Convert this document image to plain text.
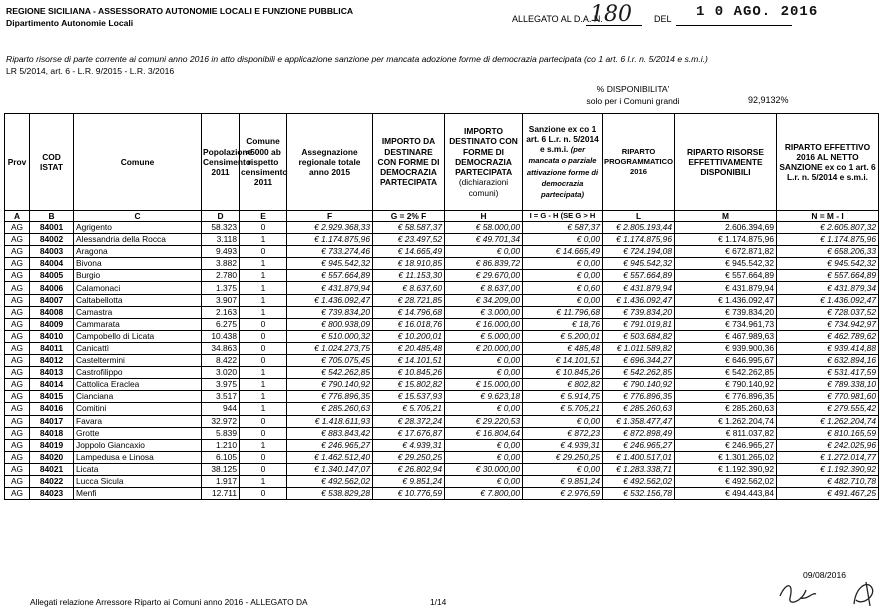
REGIONE SICILIANA - ASSESSORATO AUTONOMIE LOCALI E FUNZIONE PUBBLICA
Dipartimento Autonomie Locali	ALLEGATO AL D.A. N.
180 DEL 1 0 AGO. 2016
Riparto risorse di parte corrente ai comuni anno 2016 in atto disponibili e applicazione sanzione per mancata adozione forme di democrazia partecipata (co 1 art. 6 l.r. n. 5/2014 e s.m.i.)
LR 5/2014, art. 6 - L.R. 9/2015 - L.R. 3/2016
% DISPONIBILITA'
solo per i Comuni grandi	92,9132%
Prov	COD ISTAT	Comune	Popolazione Censimento 2011	Comune <5000 ab rispetto censimento 2011	Assegnazione regionale totale anno 2015	IMPORTO DA DESTINARE CON FORME DI DEMOCRAZIA PARTECIPATA	IMPORTO DESTINATO CON FORME DI DEMOCRAZIA PARTECIPATA (dichiarazioni comuni)	Sanzione ex co 1 art. 6 L.r. n. 5/2014 e s.m.i. (per mancata o parziale attivazione forme di democrazia partecipata)	RIPARTO PROGRAMMATICO 2016	RIPARTO RISORSE EFFETTIVAMENTE DISPONIBILI	RIPARTO EFFETTIVO 2016 AL NETTO SANZIONE ex co 1 art. 6 L.r. n. 5/2014 e s.m.i.
A	B	C	D	E	F	G = 2% F	H	I = G - H (SE G > H	L	M	N = M - I
AG	84001	Agrigento	58.323	0	€ 2.929.368,33	€ 58.587,37	€ 58.000,00	€ 587,37	€ 2.805.193,44	2.606.394,69	€ 2.605.807,32
AG	84002	Alessandria della Rocca	3.118	1	€ 1.174.875,96	€ 23.497,52	€ 49.701,34	€ 0,00	€ 1.174.875,96	€ 1.174.875,96	€ 1.174.875,96
AG	84003	Aragona	9.493	0	€ 733.274,46	€ 14.665,49	€ 0,00	€ 14.665,49	€ 724.194,08	€ 672.871,82	€ 658.206,33
AG	84004	Bivona	3.882	1	€ 945.542,32	€ 18.910,85	€ 86.839,72	€ 0,00	€ 945.542,32	€ 945.542,32	€ 945.542,32
AG	84005	Burgio	2.780	1	€ 557.664,89	€ 11.153,30	€ 29.670,00	€ 0,00	€ 557.664,89	€ 557.664,89	€ 557.664,89
AG	84006	Calamonaci	1.375	1	€ 431.879,94	€ 8.637,60	€ 8.637,00	€ 0,60	€ 431.879,94	€ 431.879,94	€ 431.879,34
AG	84007	Caltabellotta	3.907	1	€ 1.436.092,47	€ 28.721,85	€ 34.209,00	€ 0,00	€ 1.436.092,47	€ 1.436.092,47	€ 1.436.092,47
AG	84008	Camastra	2.163	1	€ 739.834,20	€ 14.796,68	€ 3.000,00	€ 11.796,68	€ 739.834,20	€ 739.834,20	€ 728.037,52
AG	84009	Cammarata	6.275	0	€ 800.938,09	€ 16.018,76	€ 16.000,00	€ 18,76	€ 791.019,81	€ 734.961,73	€ 734.942,97
AG	84010	Campobello di Licata	10.438	0	€ 510.000,32	€ 10.200,01	€ 5.000,00	€ 5.200,01	€ 503.684,82	€ 467.989,63	€ 462.789,62
AG	84011	Canicattì	34.863	0	€ 1.024.273,75	€ 20.485,48	€ 20.000,00	€ 485,48	€ 1.011.589,82	€ 939.900,36	€ 939.414,88
AG	84012	Casteltermini	8.422	0	€ 705.075,45	€ 14.101,51	€ 0,00	€ 14.101,51	€ 696.344,27	€ 646.995,67	€ 632.894,16
AG	84013	Castrofilippo	3.020	1	€ 542.262,85	€ 10.845,26	€ 0,00	€ 10.845,26	€ 542.262,85	€ 542.262,85	€ 531.417,59
AG	84014	Cattolica Eraclea	3.975	1	€ 790.140,92	€ 15.802,82	€ 15.000,00	€ 802,82	€ 790.140,92	€ 790.140,92	€ 789.338,10
AG	84015	Cianciana	3.517	1	€ 776.896,35	€ 15.537,93	€ 9.623,18	€ 5.914,75	€ 776.896,35	€ 776.896,35	€ 770.981,60
AG	84016	Comitini	944	1	€ 285.260,63	€ 5.705,21	€ 0,00	€ 5.705,21	€ 285.260,63	€ 285.260,63	€ 279.555,42
AG	84017	Favara	32.972	0	€ 1.418.611,93	€ 28.372,24	€ 29.220,53	€ 0,00	€ 1.358.477,47	€ 1.262.204,74	€ 1.262.204,74
AG	84018	Grotte	5.839	0	€ 883.843,42	€ 17.676,87	€ 16.804,64	€ 872,23	€ 872.898,49	€ 811.037,82	€ 810.165,59
AG	84019	Joppolo Giancaxio	1.210	1	€ 246.965,27	€ 4.939,31	€ 0,00	€ 4.939,31	€ 246.965,27	€ 246.965,27	€ 242.025,96
AG	84020	Lampedusa e Linosa	6.105	0	€ 1.462.512,40	€ 29.250,25	€ 0,00	€ 29.250,25	€ 1.400.517,01	€ 1.301.265,02	€ 1.272.014,77
AG	84021	Licata	38.125	0	€ 1.340.147,07	€ 26.802,94	€ 30.000,00	€ 0,00	€ 1.283.338,71	€ 1.192.390,92	€ 1.192.390,92
AG	84022	Lucca Sicula	1.917	1	€ 492.562,02	€ 9.851,24	€ 0,00	€ 9.851,24	€ 492.562,02	€ 492.562,02	€ 482.710,78
AG	84023	Menfi	12.711	0	€ 538.829,28	€ 10.776,59	€ 7.800,00	€ 2.976,59	€ 532.156,78	€ 494.443,84	€ 491.467,25
09/08/2016
Allegati relazione Arressore Riparto ai Comuni anno 2016 - ALLEGATO DA	1/14
